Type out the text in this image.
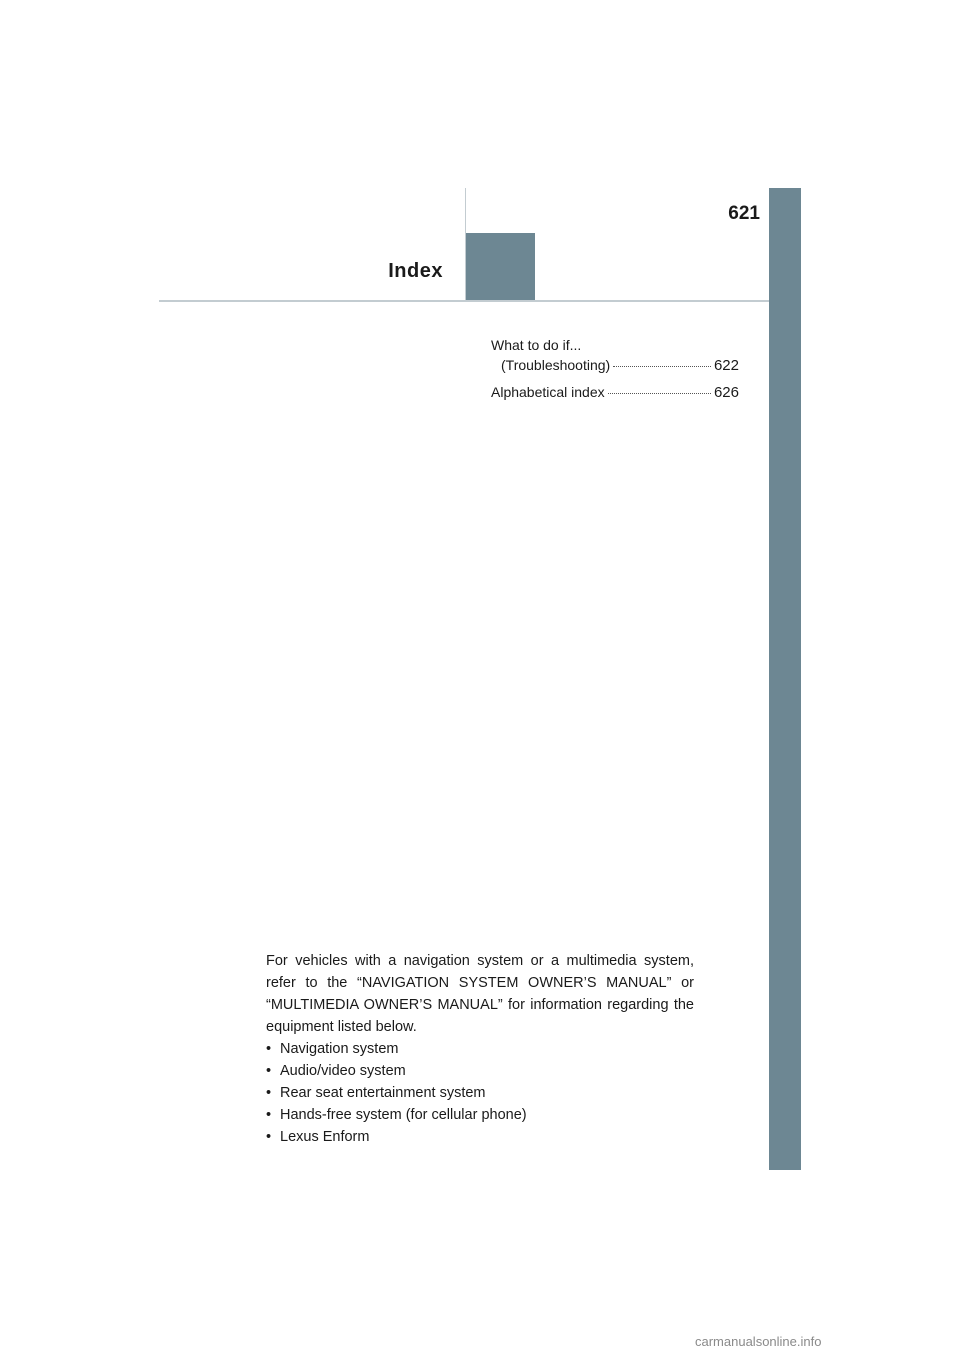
621
Index
What to do if...
(Troubleshooting)	622
Alphabetical index	626

For vehicles with a navigation system or a multimedia system, refer to the “NAVIGATION SYSTEM OWNER’S MANUAL” or “MULTIMEDIA OWNER’S MANUAL” for information regarding the equipment listed below.

• Navigation system
• Audio/video system
• Rear seat entertainment system
• Hands-free system (for cellular phone)
• Lexus Enform
carmanualsonline.info
